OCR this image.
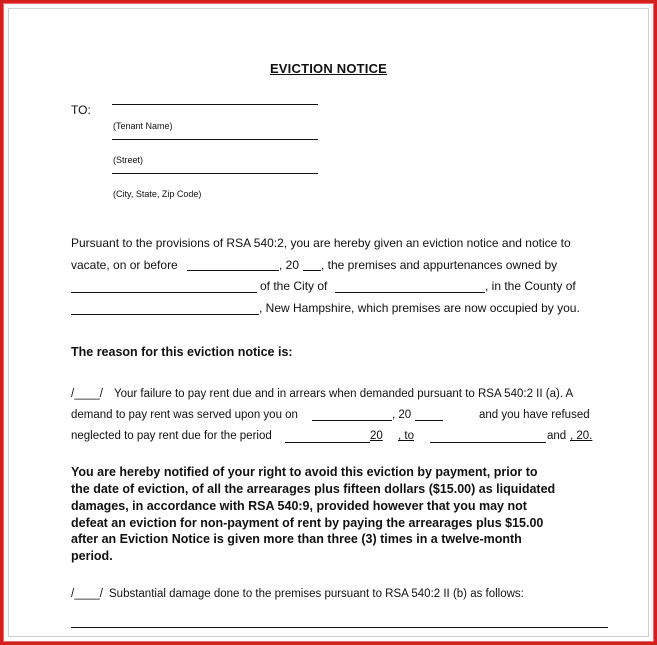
EVICTION NOTICE
TO:
(Tenant Name)
(Street)
(City, State, Zip Code)
Pursuant to the provisions of RSA 540:2, you are hereby given an eviction notice and notice to
vacate, on or before	, 20 , the premises and appurtenances owned by
of the City of	, in the County of
, New Hampshire, which premises are now occupied by you.
The reason for this eviction notice is:
/____/ Your failure to pay rent due and in arrears when demanded pursuant to RSA 540:2 II (a). A
demand to pay rent was served upon you on	, 20	and you have refused
neglected to pay rent due for the period	20 , to	and , 20.
You are hereby notified of your right to avoid this eviction by payment, prior to
the date of eviction, of all the arrearages plus fifteen dollars ($15.00) as liquidated
damages, in accordance with RSA 540:9, provided however that you may not
defeat an eviction for non-payment of rent by paying the arrearages plus $15.00
after an Eviction Notice is given more than three (3) times in a twelve-month
period.
/____/ Substantial damage done to the premises pursuant to RSA 540:2 II (b) as follows:
